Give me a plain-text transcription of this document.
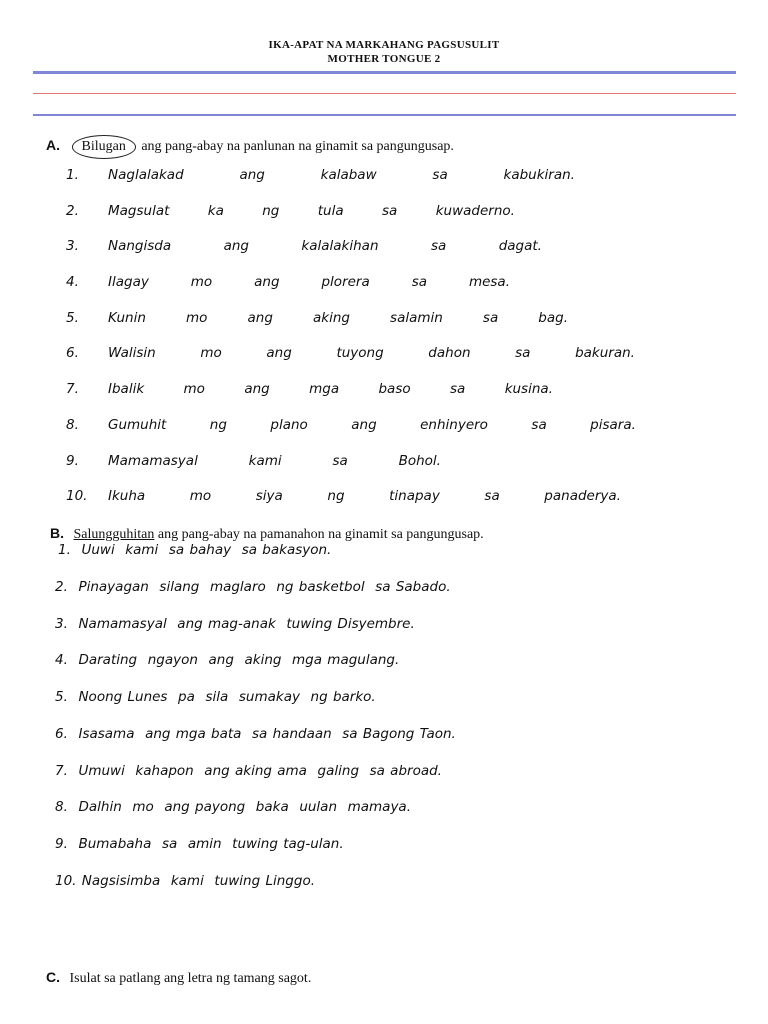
IKA-APAT NA MARKAHANG PAGSUSULIT
MOTHER TONGUE 2
A. Bilugan ang pang-abay na panlunan na ginamit sa pangungusap.
1. Naglalakad	ang	kalabaw	sa	kabukiran.
2. Magsulat	ka	ng	tula	sa	kuwaderno.
3. Nangisda	ang	kalalakihan	sa	dagat.
4. Ilagay	mo	ang	plorera	sa	mesa.
5. Kunin	mo	ang	aking	salamin	sa	bag.
6. Walisin	mo	ang	tuyong	dahon	sa	bakuran.
7. Ibalik	mo	ang	mga	baso	sa	kusina.
8. Gumuhit	ng	plano	ang	enhinyero	sa	pisara.
9. Mamamasyal	kami	sa	Bohol.
10. Ikuha	mo	siya	ng	tinapay	sa	panaderya.
B. Salungguhitan ang pang-abay na pamanahon na ginamit sa pangungusap.
1.  Uuwi  kami  sa bahay  sa bakasyon.
2.  Pinayagan  silang  maglaro  ng basketbol  sa Sabado.
3.  Namamasyal  ang mag-anak  tuwing Disyembre.
4.  Darating  ngayon  ang  aking  mga magulang.
5.  Noong Lunes  pa  sila  sumakay  ng barko.
6.  Isasama  ang mga bata  sa handaan  sa Bagong Taon.
7.  Umuwi  kahapon  ang aking ama  galing  sa abroad.
8.  Dalhin  mo  ang payong  baka  uulan  mamaya.
9.  Bumabaha  sa  amin  tuwing tag-ulan.
10. Nagsisimba  kami  tuwing Linggo.
C. Isulat sa patlang ang letra ng tamang sagot.
